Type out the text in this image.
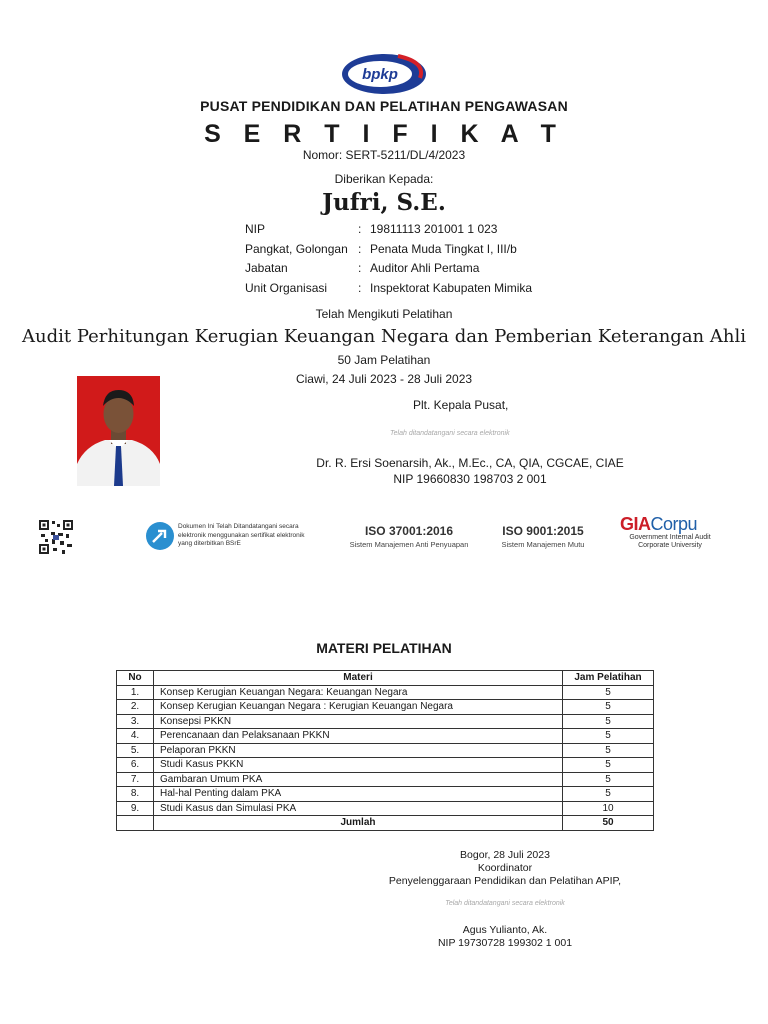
bpkp
PUSAT PENDIDIKAN DAN PELATIHAN PENGAWASAN
S E R T I F I K A T
Nomor: SERT-5211/DL/4/2023
Diberikan Kepada:
Jufri, S.E.
NIP	: 19811113 201001 1 023
Pangkat, Golongan : Penata Muda Tingkat I, III/b
Jabatan	: Auditor Ahli Pertama
Unit Organisasi	: Inspektorat Kabupaten Mimika
Telah Mengikuti Pelatihan
Audit Perhitungan Kerugian Keuangan Negara dan Pemberian Keterangan Ahli
50 Jam Pelatihan
Ciawi, 24 Juli 2023 - 28 Juli 2023
Plt. Kepala Pusat,
Telah ditandatangani secara elektronik
Dr. R. Ersi Soenarsih, Ak., M.Ec., CA, QIA, CGCAE, CIAE
NIP 19660830 198703 2 001
Dokumen Ini Telah Ditandatangani secara elektronik menggunakan sertifikat elektronik yang diterbitkan BSrE
ISO 37001:2016
Sistem Manajemen Anti Penyuapan
ISO 9001:2015
Sistem Manajemen Mutu
GIACorpu
Government Internal Audit
Corporate University
MATERI PELATIHAN
No	Materi	Jam Pelatihan
1.	Konsep Kerugian Keuangan Negara: Keuangan Negara	5
2.	Konsep Kerugian Keuangan Negara : Kerugian Keuangan Negara	5
3.	Konsepsi PKKN	5
4.	Perencanaan dan Pelaksanaan PKKN	5
5.	Pelaporan PKKN	5
6.	Studi Kasus PKKN	5
7.	Gambaran Umum PKA	5
8.	Hal-hal Penting dalam PKA	5
9.	Studi Kasus dan Simulasi PKA	10
	Jumlah	50
Bogor, 28 Juli 2023
Koordinator
Penyelenggaraan Pendidikan dan Pelatihan APIP,
Telah ditandatangani secara elektronik
Agus Yulianto, Ak.
NIP 19730728 199302 1 001
